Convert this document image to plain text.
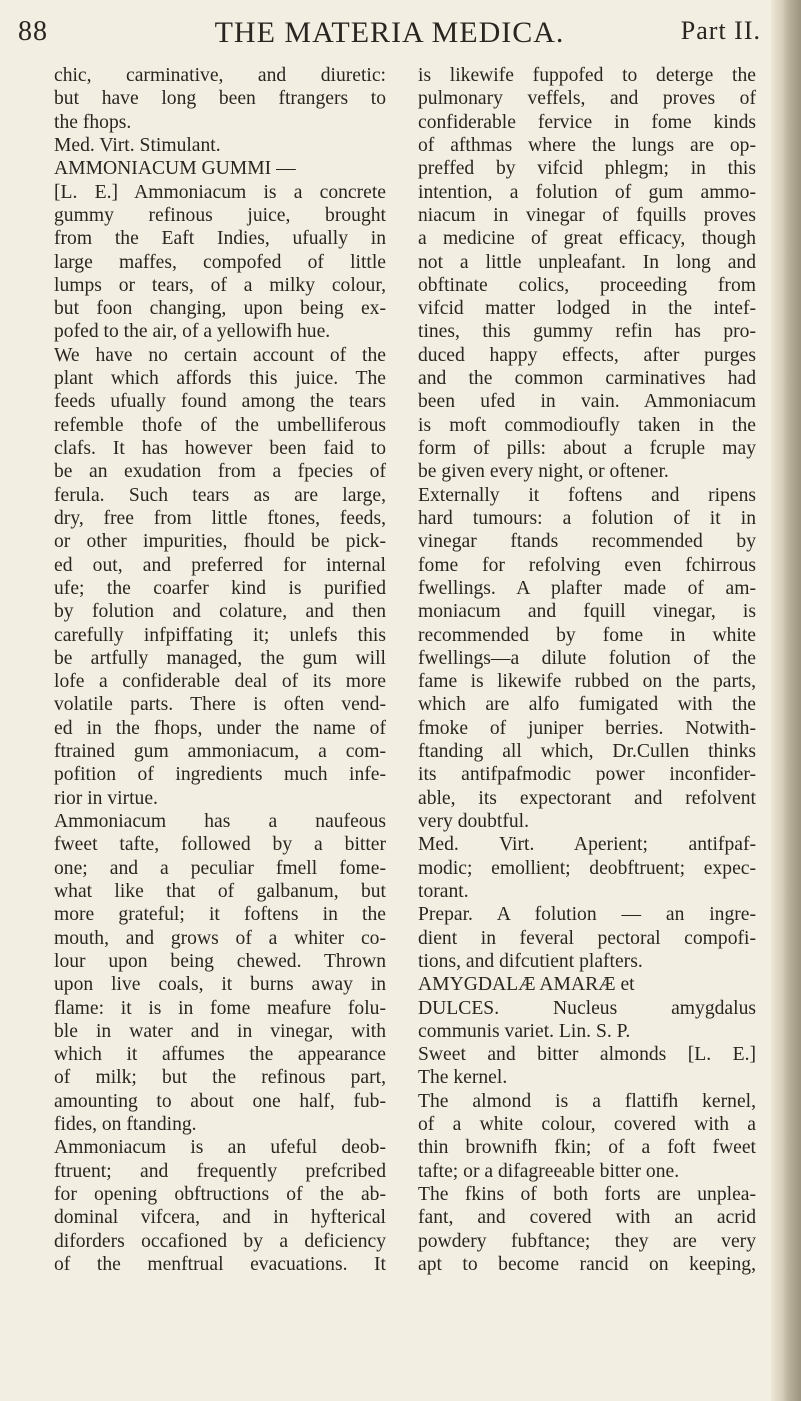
88	THE MATERIA MEDICA.	Part II.

chic, carminative, and diuretic:

but have long been ftrangers to

the fhops.

Med. Virt. Stimulant.

AMMONIACUM GUMMI —

[L. E.] Ammoniacum is a concrete

gummy refinous juice, brought

from the Eaft Indies, ufually in

large maffes, compofed of little

lumps or tears, of a milky colour,

but foon changing, upon being ex-

pofed to the air, of a yellowifh hue.

We have no certain account of the

plant which affords this juice. The

feeds ufually found among the tears

refemble thofe of the umbelliferous

clafs. It has however been faid to

be an exudation from a fpecies of

ferula. Such tears as are large,

dry, free from little ftones, feeds,

or other impurities, fhould be pick-

ed out, and preferred for internal

ufe; the coarfer kind is purified

by folution and colature, and then

carefully infpiffating it; unlefs this

be artfully managed, the gum will

lofe a confiderable deal of its more

volatile parts. There is often vend-

ed in the fhops, under the name of

ftrained gum ammoniacum, a com-

pofition of ingredients much infe-

rior in virtue.

Ammoniacum has a naufeous

fweet tafte, followed by a bitter

one; and a peculiar fmell fome-

what like that of galbanum, but

more grateful; it foftens in the

mouth, and grows of a whiter co-

lour upon being chewed. Thrown

upon live coals, it burns away in

flame: it is in fome meafure folu-

ble in water and in vinegar, with

which it affumes the appearance

of milk; but the refinous part,

amounting to about one half, fub-

fides, on ftanding.

Ammoniacum is an ufeful deob-

ftruent; and frequently prefcribed

for opening obftructions of the ab-

dominal vifcera, and in hyfterical

diforders occafioned by a deficiency

of the menftrual evacuations. It

is likewife fuppofed to deterge the

pulmonary veffels, and proves of

confiderable fervice in fome kinds

of afthmas where the lungs are op-

preffed by vifcid phlegm; in this

intention, a folution of gum ammo-

niacum in vinegar of fquills proves

a medicine of great efficacy, though

not a little unpleafant. In long and

obftinate colics, proceeding from

vifcid matter lodged in the intef-

tines, this gummy refin has pro-

duced happy effects, after purges

and the common carminatives had

been ufed in vain. Ammoniacum

is moft commodioufly taken in the

form of pills: about a fcruple may

be given every night, or oftener.

Externally it foftens and ripens

hard tumours: a folution of it in

vinegar ftands recommended by

fome for refolving even fchirrous

fwellings. A plafter made of am-

moniacum and fquill vinegar, is

recommended by fome in white

fwellings—a dilute folution of the

fame is likewife rubbed on the parts,

which are alfo fumigated with the

fmoke of juniper berries. Notwith-

ftanding all which, Dr.Cullen thinks

its antifpafmodic power inconfider-

able, its expectorant and refolvent

very doubtful.

Med. Virt. Aperient; antifpaf-

modic; emollient; deobftruent; expec-

torant.

Prepar. A folution — an ingre-

dient in feveral pectoral compofi-

tions, and difcutient plafters.

AMYGDALÆ AMARÆ et

DULCES. Nucleus amygdalus

communis variet. Lin. S. P.

Sweet and bitter almonds [L. E.]

The kernel.

The almond is a flattifh kernel,

of a white colour, covered with a

thin brownifh fkin; of a foft fweet

tafte; or a difagreeable bitter one.

The fkins of both forts are unplea-

fant, and covered with an acrid

powdery fubftance; they are very

apt to become rancid on keeping,
